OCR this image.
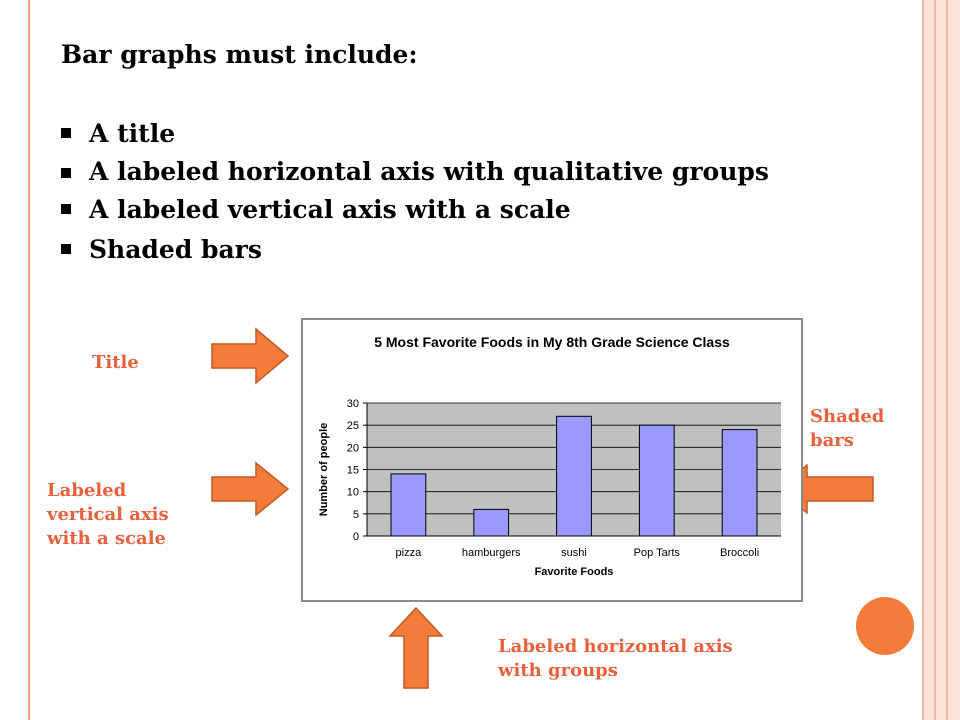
Bar graphs must include:
A title
A labeled horizontal axis with qualitative groups
A labeled vertical axis with a scale
Shaded bars
Title
Labeled vertical axis with a scale
Shaded bars
Labeled horizontal axis with groups
5 Most Favorite Foods in My 8th Grade Science Class
0
5
10
15
20
25
30
pizza	hamburgers	sushi	Pop Tarts	Broccoli
Favorite Foods
Number of people
